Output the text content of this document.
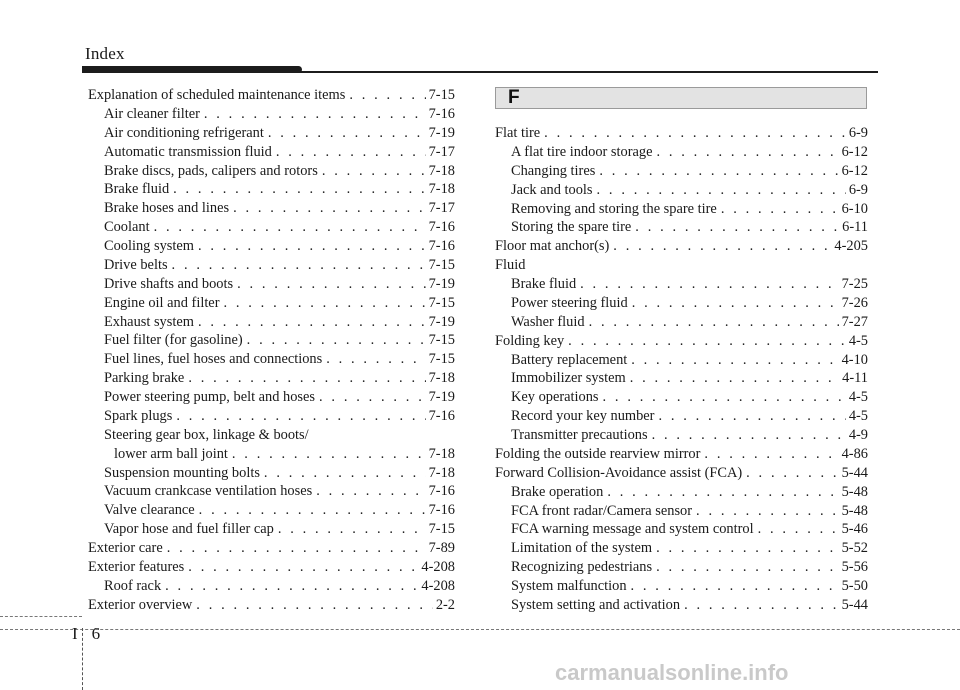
Index
Explanation of scheduled maintenance items . . .	7-15
Air cleaner filter . . .	7-16
Air conditioning refrigerant . . .	7-19
Automatic transmission fluid . . .	7-17
Brake discs, pads, calipers and rotors . . .	7-18
Brake fluid . . .	7-18
Brake hoses and lines . . .	7-17
Coolant . . .	7-16
Cooling system . . .	7-16
Drive belts . . .	7-15
Drive shafts and boots . . .	7-19
Engine oil and filter . . .	7-15
Exhaust system . . .	7-19
Fuel filter (for gasoline) . . .	7-15
Fuel lines, fuel hoses and connections . . .	7-15
Parking brake . . .	7-18
Power steering pump, belt and hoses . . .	7-19
Spark plugs . . .	7-16
Steering gear box, linkage & boots/
lower arm ball joint . . .	7-18
Suspension mounting bolts . . .	7-18
Vacuum crankcase ventilation hoses . . .	7-16
Valve clearance . . .	7-16
Vapor hose and fuel filler cap . . .	7-15
Exterior care . . .	7-89
Exterior features . . .	4-208
Roof rack . . .	4-208
Exterior overview . . .	2-2
F
Flat tire . . .	6-9
A flat tire indoor storage . . .	6-12
Changing tires . . .	6-12
Jack and tools . . .	6-9
Removing and storing the spare tire . . .	6-10
Storing the spare tire . . .	6-11
Floor mat anchor(s) . . .	4-205
Fluid
Brake fluid . . .	7-25
Power steering fluid . . .	7-26
Washer fluid . . .	7-27
Folding key . . .	4-5
Battery replacement . . .	4-10
Immobilizer system . . .	4-11
Key operations . . .	4-5
Record your key number . . .	4-5
Transmitter precautions . . .	4-9
Folding the outside rearview mirror . . .	4-86
Forward Collision-Avoidance assist (FCA) . . .	5-44
Brake operation . . .	5-48
FCA front radar/Camera sensor . . .	5-48
FCA warning message and system control . . .	5-46
Limitation of the system . . .	5-52
Recognizing pedestrians . . .	5-56
System malfunction . . .	5-50
System setting and activation . . .	5-44
I 6
carmanualsonline.info
